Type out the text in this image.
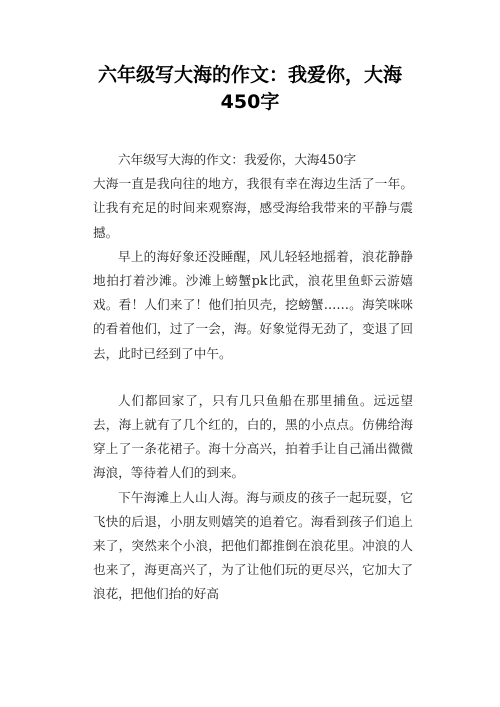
六年级写大海的作文：我爱你，大海
450字

六年级写大海的作文：我爱你，大海450字

大海一直是我向往的地方，我很有幸在海边生活了一年。让我有充足的时间来观察海，感受海给我带来的平静与震撼。

早上的海好象还没睡醒，风儿轻轻地摇着，浪花静静地拍打着沙滩。沙滩上螃蟹pk比武，浪花里鱼虾云游嬉戏。看！人们来了！他们拍贝壳，挖螃蟹……。海笑咪咪的看着他们，过了一会，海。好象觉得无劲了，变退了回去，此时已经到了中午。

人们都回家了，只有几只鱼船在那里捕鱼。远远望去，海上就有了几个红的，白的，黑的小点点。仿佛给海穿上了一条花裙子。海十分高兴，拍着手让自己涌出微微海浪，等待着人们的到来。

下午海滩上人山人海。海与顽皮的孩子一起玩耍，它飞快的后退，小朋友则嬉笑的追着它。海看到孩子们追上来了，突然来个小浪，把他们都推倒在浪花里。冲浪的人也来了，海更高兴了，为了让他们玩的更尽兴，它加大了浪花，把他们抬的好高
